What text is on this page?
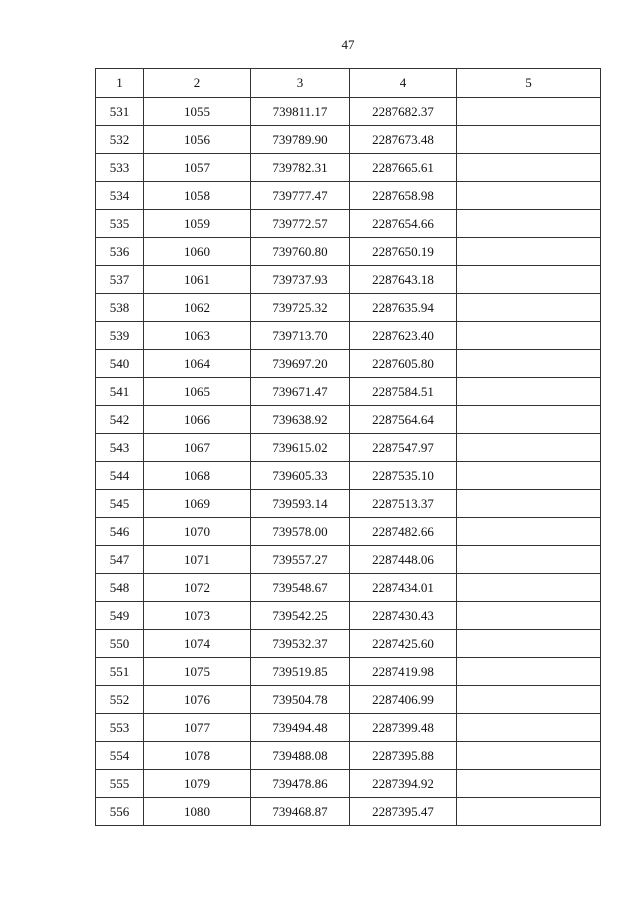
47
1	2	3	4	5
531	1055	739811.17	2287682.37	
532	1056	739789.90	2287673.48	
533	1057	739782.31	2287665.61	
534	1058	739777.47	2287658.98	
535	1059	739772.57	2287654.66	
536	1060	739760.80	2287650.19	
537	1061	739737.93	2287643.18	
538	1062	739725.32	2287635.94	
539	1063	739713.70	2287623.40	
540	1064	739697.20	2287605.80	
541	1065	739671.47	2287584.51	
542	1066	739638.92	2287564.64	
543	1067	739615.02	2287547.97	
544	1068	739605.33	2287535.10	
545	1069	739593.14	2287513.37	
546	1070	739578.00	2287482.66	
547	1071	739557.27	2287448.06	
548	1072	739548.67	2287434.01	
549	1073	739542.25	2287430.43	
550	1074	739532.37	2287425.60	
551	1075	739519.85	2287419.98	
552	1076	739504.78	2287406.99	
553	1077	739494.48	2287399.48	
554	1078	739488.08	2287395.88	
555	1079	739478.86	2287394.92	
556	1080	739468.87	2287395.47	
